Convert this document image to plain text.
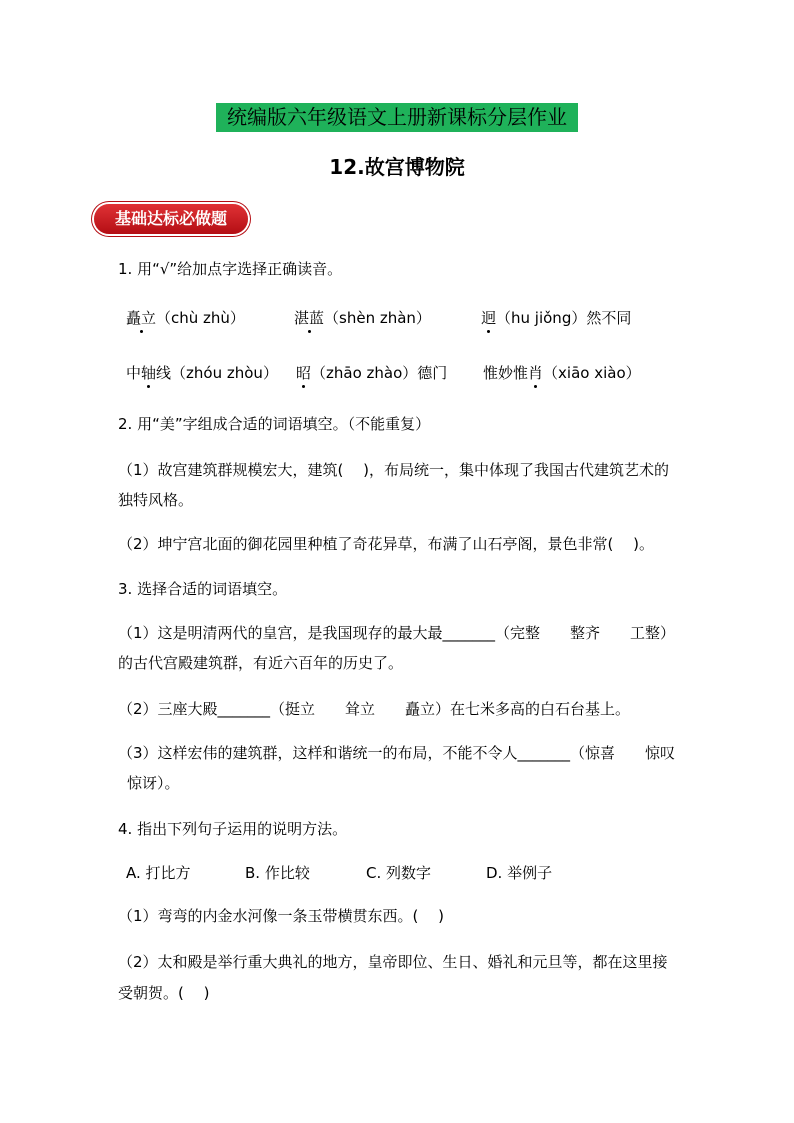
统编版六年级语文上册新课标分层作业
12.故宫博物院
基础达标必做题
1. 用“√”给加点字选择正确读音。
矗立（chù zhù）	湛蓝（shèn zhàn）	迥（hu jiǒng）然不同
中轴线（zhóu zhòu） 昭（zhāo zhào）德门 惟妙惟肖（xiāo xiào）
2. 用“美”字组成合适的词语填空。（不能重复）
（1）故宫建筑群规模宏大，建筑(　 )，布局统一，集中体现了我国古代建筑艺术的
独特风格。
（2）坤宁宫北面的御花园里种植了奇花异草，布满了山石亭阁，景色非常(　 )。
3. 选择合适的词语填空。
（1）这是明清两代的皇宫，是我国现存的最大最_______（完整　　整齐　　工整）
的古代宫殿建筑群，有近六百年的历史了。
（2）三座大殿_______（挺立　　耸立　　矗立）在七米多高的白石台基上。
（3）这样宏伟的建筑群，这样和谐统一的布局，不能不令人_______（惊喜　　惊叹
惊讶）。
4. 指出下列句子运用的说明方法。
A. 打比方	B. 作比较	C. 列数字	D. 举例子
（1）弯弯的内金水河像一条玉带横贯东西。(　 )
（2）太和殿是举行重大典礼的地方，皇帝即位、生日、婚礼和元旦等，都在这里接
受朝贺。(　 )
